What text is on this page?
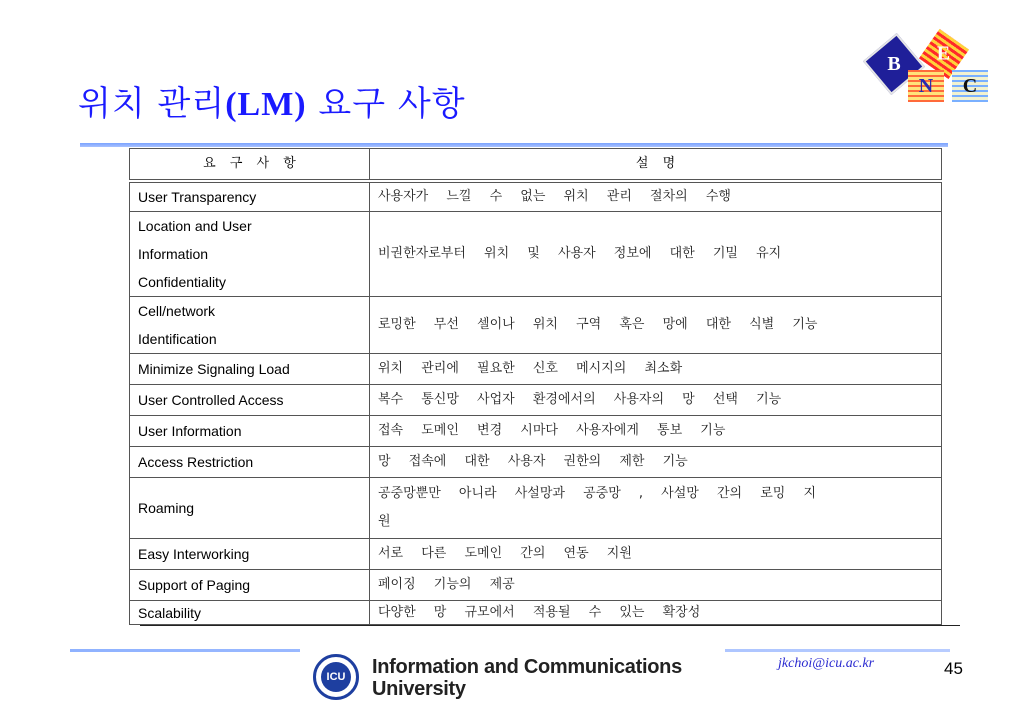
위치 관리(LM) 요구 사항
B E
N C
요 구 사 항	설 명
User Transparency	사용자가 느낄 수 없는 위치 관리 절차의 수행

Location and User
Information
Confidentiality	비권한자로부터 위치 및 사용자 정보에 대한 기밀 유지

Cell/network
Identification	로밍한 무선 셀이나 위치 구역 혹은 망에 대한 식별 기능
Minimize Signaling Load	위치 관리에 필요한 신호 메시지의 최소화
User Controlled Access	복수 통신망 사업자 환경에서의 사용자의 망 선택 기능
User Information	접속 도메인 변경 시마다 사용자에게 통보 기능
Access Restriction	망 접속에 대한 사용자 권한의 제한 기능
Roaming	공중망뿐만 아니라 사설망과 공중망 , 사설망 간의 로밍 지
원

Easy Interworking	서로 다른 도메인 간의 연동 지원
Support of Paging	페이징 기능의 제공
Scalability	다양한 망 규모에서 적용될 수 있는 확장성
ICU Information and Communications
University
jkchoi@icu.ac.kr	45
